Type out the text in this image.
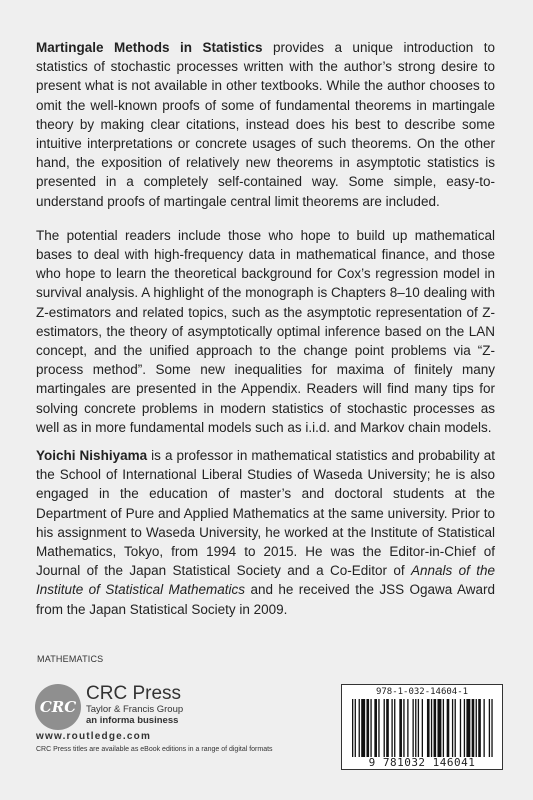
Martingale Methods in Statistics provides a unique introduction to statistics of stochastic processes written with the author’s strong desire to present what is not available in other textbooks. While the author chooses to omit the well-known proofs of some of fundamental theorems in martingale theory by making clear citations, instead does his best to describe some intuitive interpretations or concrete usages of such theorems. On the other hand, the exposition of relatively new theorems in asymptotic statistics is presented in a completely self-contained way. Some simple, easy-to-understand proofs of martingale central limit theorems are included.

The potential readers include those who hope to build up mathematical bases to deal with high-frequency data in mathematical finance, and those who hope to learn the theoretical background for Cox’s regression model in survival analysis. A highlight of the monograph is Chapters 8–10 dealing with Z-estimators and related topics, such as the asymptotic representation of Z-estimators, the theory of asymptotically optimal inference based on the LAN concept, and the unified approach to the change point problems via “Z-process method”. Some new inequalities for maxima of finitely many martingales are presented in the Appendix. Readers will find many tips for solving concrete problems in modern statistics of stochastic processes as well as in more fundamental models such as i.i.d. and Markov chain models.

Yoichi Nishiyama is a professor in mathematical statistics and probability at the School of International Liberal Studies of Waseda University; he is also engaged in the education of master’s and doctoral students at the Department of Pure and Applied Mathematics at the same university. Prior to his assignment to Waseda University, he worked at the Institute of Statistical Mathematics, Tokyo, from 1994 to 2015. He was the Editor-in-Chief of Journal of the Japan Statistical Society and a Co-Editor of Annals of the Institute of Statistical Mathematics and he received the JSS Ogawa Award from the Japan Statistical Society in 2009.

MATHEMATICS
CRC
CRC Press
Taylor & Francis Group
an informa business
www.routledge.com
CRC Press titles are available as eBook editions in a range of digital formats
978-1-032-14604-1
9 781032 146041
